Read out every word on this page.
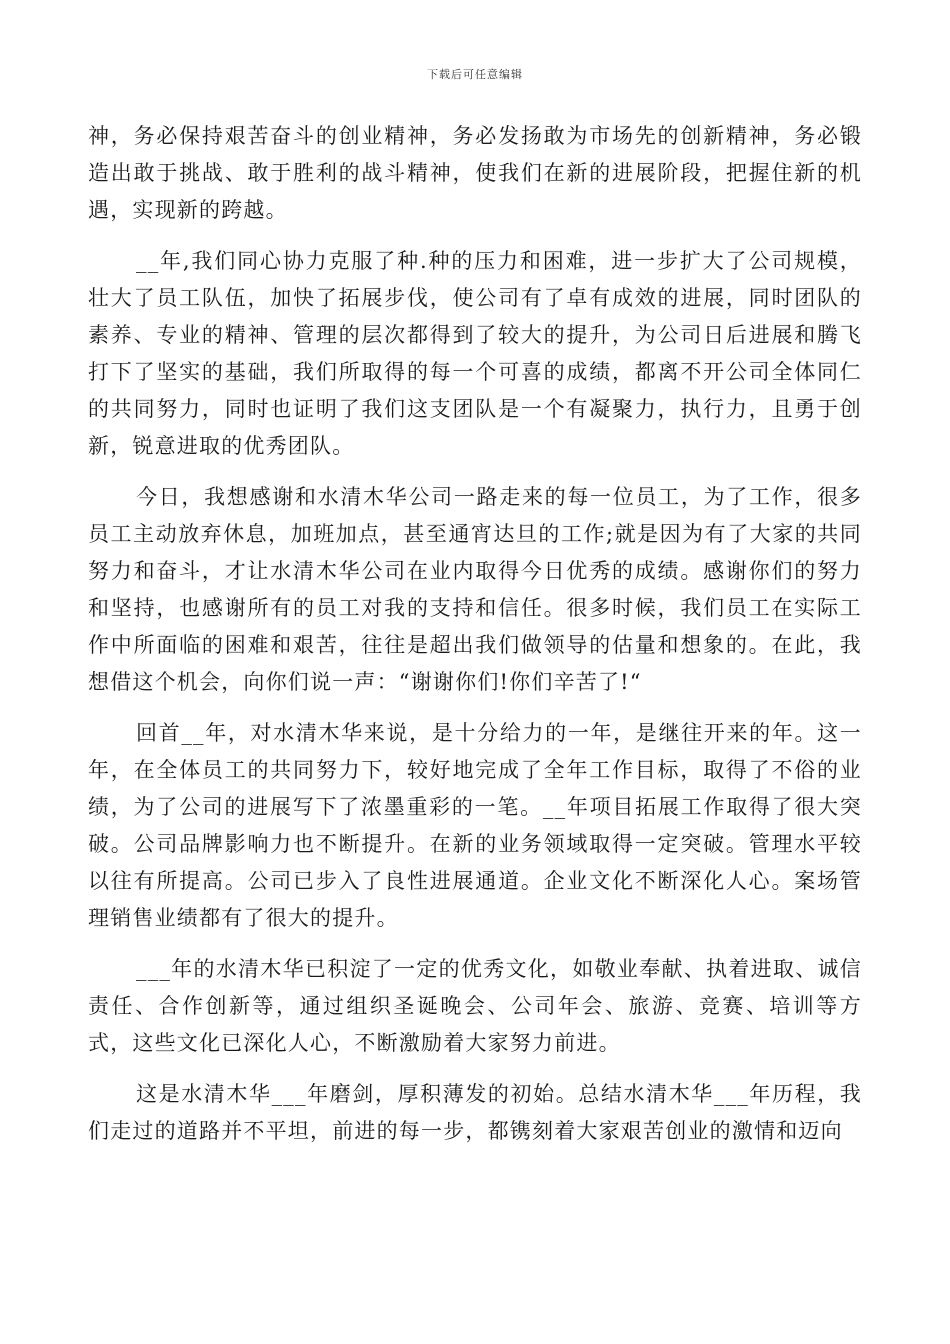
下载后可任意编辑

神，务必保持艰苦奋斗的创业精神，务必发扬敢为市场先的创新精神，务必锻造出敢于挑战、敢于胜利的战斗精神，使我们在新的进展阶段，把握住新的机遇，实现新的跨越。

__年,我们同心协力克服了种.种的压力和困难，进一步扩大了公司规模，壮大了员工队伍，加快了拓展步伐，使公司有了卓有成效的进展，同时团队的素养、专业的精神、管理的层次都得到了较大的提升，为公司日后进展和腾飞打下了坚实的基础，我们所取得的每一个可喜的成绩，都离不开公司全体同仁的共同努力，同时也证明了我们这支团队是一个有凝聚力，执行力，且勇于创新，锐意进取的优秀团队。

今日，我想感谢和水清木华公司一路走来的每一位员工，为了工作，很多员工主动放弃休息，加班加点，甚至通宵达旦的工作;就是因为有了大家的共同努力和奋斗，才让水清木华公司在业内取得今日优秀的成绩。感谢你们的努力和坚持，也感谢所有的员工对我的支持和信任。很多时候，我们员工在实际工作中所面临的困难和艰苦，往往是超出我们做领导的估量和想象的。在此，我想借这个机会，向你们说一声：“谢谢你们!你们辛苦了!“

回首__年，对水清木华来说，是十分给力的一年，是继往开来的年。这一年，在全体员工的共同努力下，较好地完成了全年工作目标，取得了不俗的业绩，为了公司的进展写下了浓墨重彩的一笔。__年项目拓展工作取得了很大突破。公司品牌影响力也不断提升。在新的业务领域取得一定突破。管理水平较以往有所提高。公司已步入了良性进展通道。企业文化不断深化人心。案场管理销售业绩都有了很大的提升。

___年的水清木华已积淀了一定的优秀文化，如敬业奉献、执着进取、诚信责任、合作创新等，通过组织圣诞晚会、公司年会、旅游、竞赛、培训等方式，这些文化已深化人心，不断激励着大家努力前进。

这是水清木华___年磨剑，厚积薄发的初始。总结水清木华___年历程，我们走过的道路并不平坦，前进的每一步，都镌刻着大家艰苦创业的激情和迈向
